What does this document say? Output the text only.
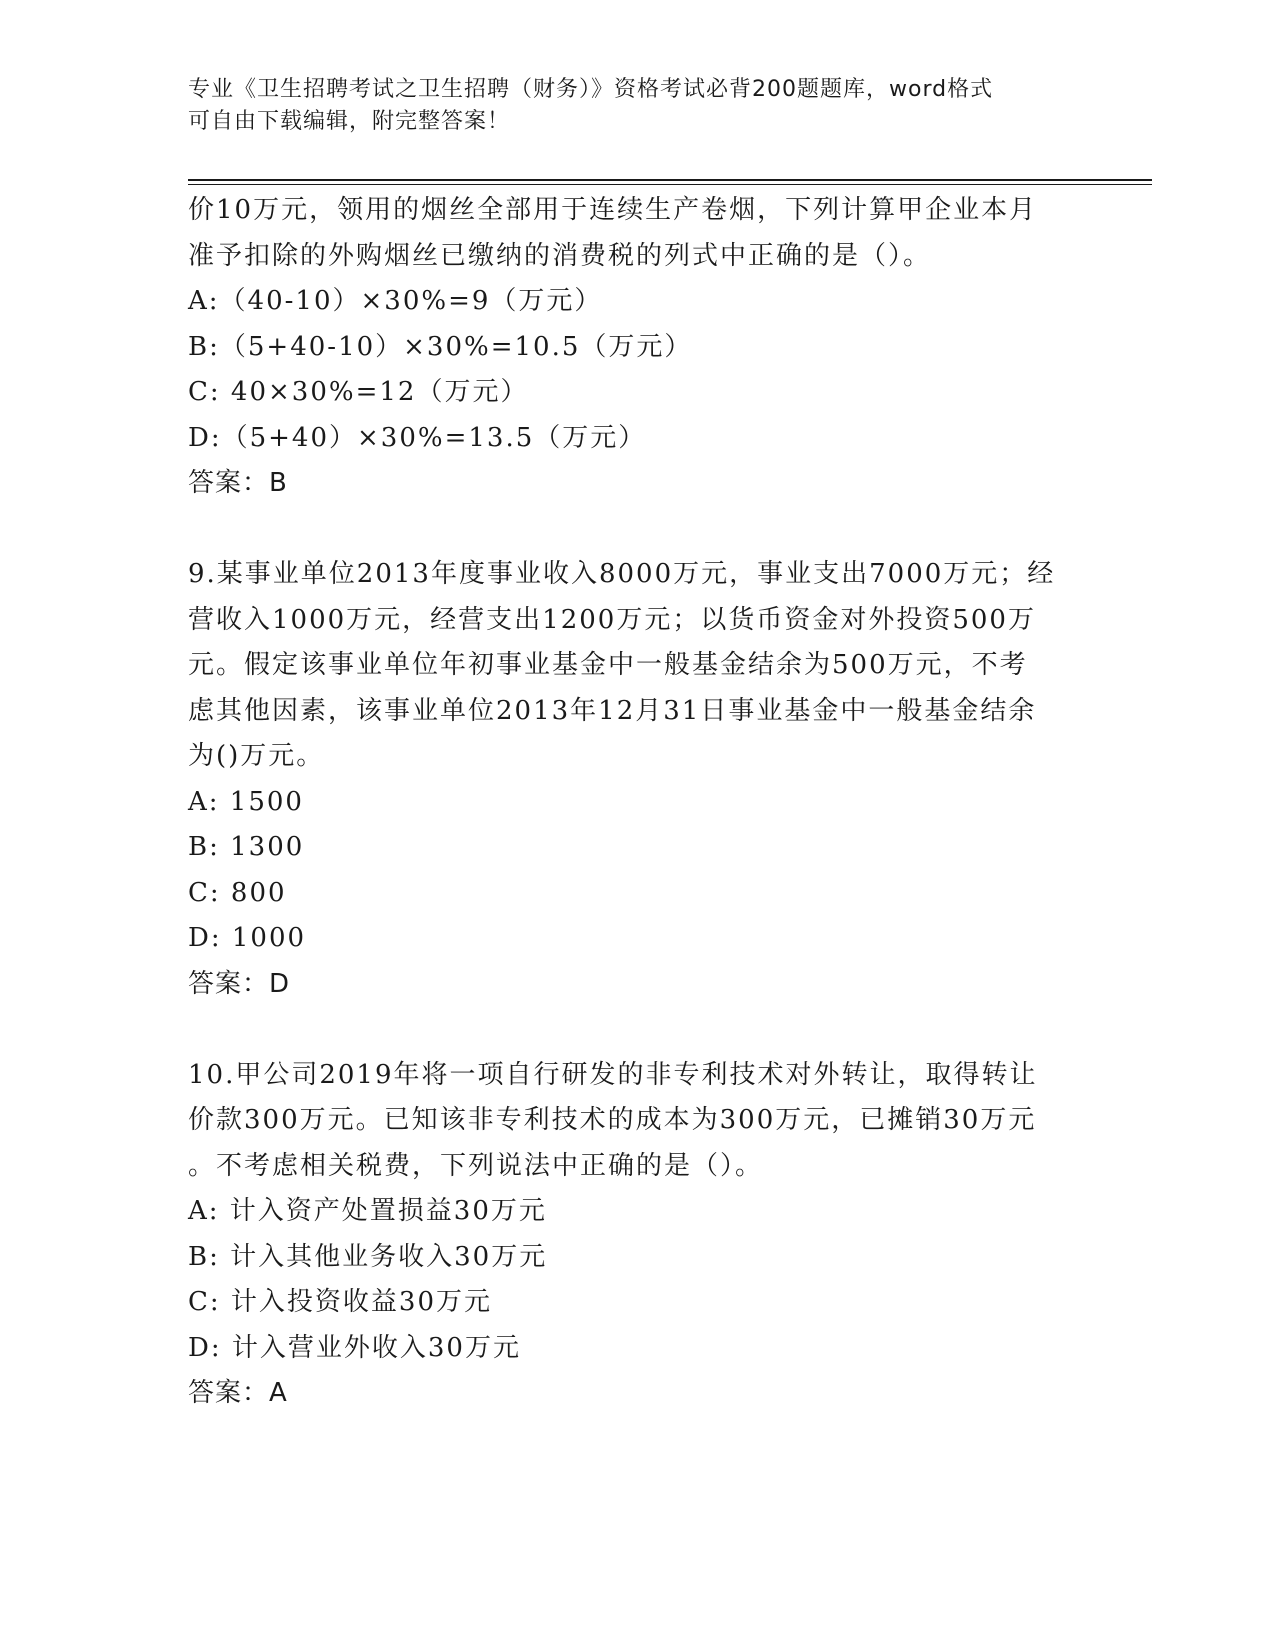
专业《卫生招聘考试之卫生招聘（财务）》资格考试必背200题题库，word格式
可自由下载编辑，附完整答案！
价10万元，领用的烟丝全部用于连续生产卷烟，下列计算甲企业本月
准予扣除的外购烟丝已缴纳的消费税的列式中正确的是（）。
A:（40-10）×30%=9（万元）
B:（5+40-10）×30%=10.5（万元）
C: 40×30%=12（万元）
D:（5+40）×30%=13.5（万元）
答案：B
9.某事业单位2013年度事业收入8000万元，事业支出7000万元；经
营收入1000万元，经营支出1200万元；以货币资金对外投资500万
元。假定该事业单位年初事业基金中一般基金结余为500万元，不考
虑其他因素，该事业单位2013年12月31日事业基金中一般基金结余
为()万元。
A: 1500
B: 1300
C: 800
D: 1000
答案：D
10.甲公司2019年将一项自行研发的非专利技术对外转让，取得转让
价款300万元。已知该非专利技术的成本为300万元，已摊销30万元
。不考虑相关税费，下列说法中正确的是（）。
A: 计入资产处置损益30万元
B: 计入其他业务收入30万元
C: 计入投资收益30万元
D: 计入营业外收入30万元
答案：A
